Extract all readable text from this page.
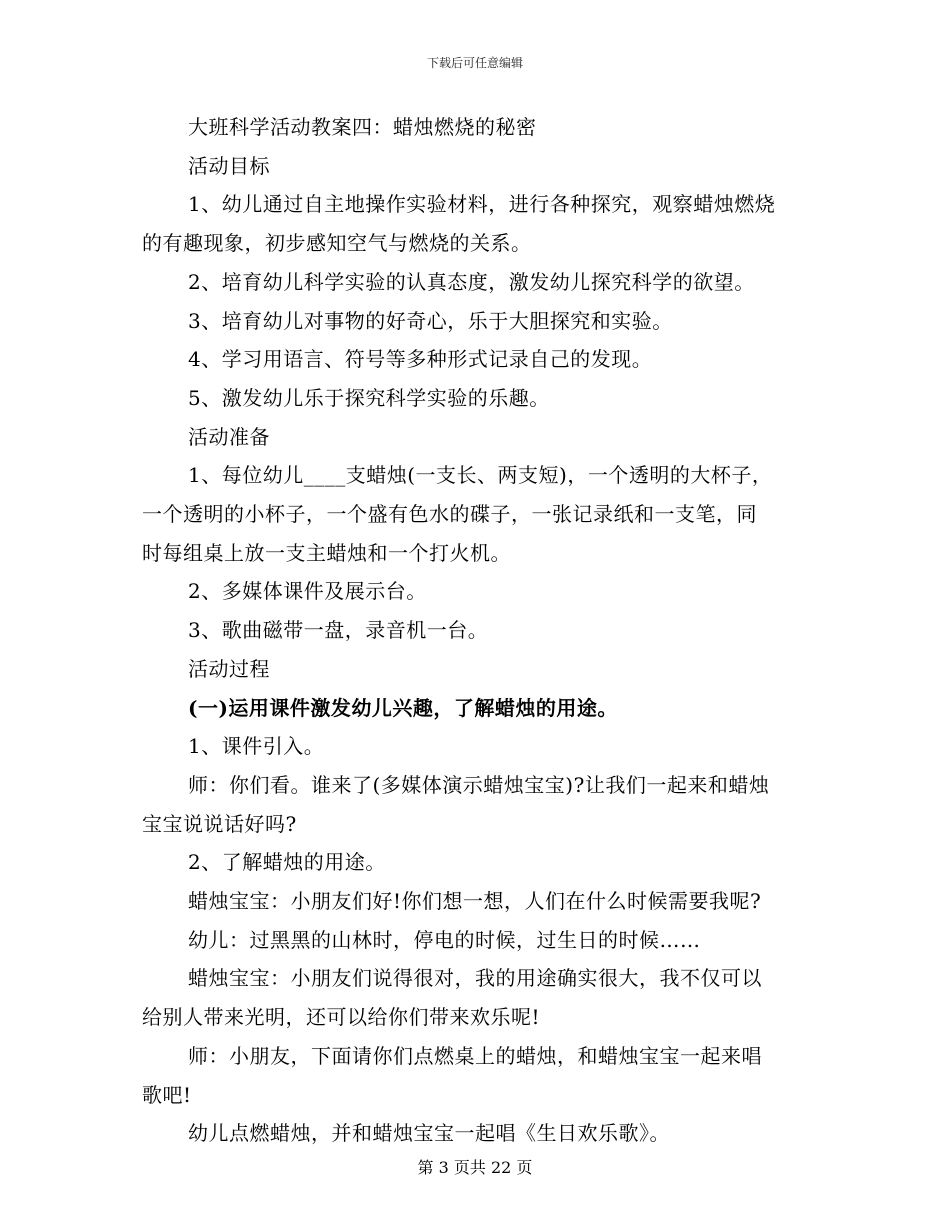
下载后可任意编辑
大班科学活动教案四：蜡烛燃烧的秘密
活动目标
1、幼儿通过自主地操作实验材料，进行各种探究，观察蜡烛燃烧
的有趣现象，初步感知空气与燃烧的关系。
2、培育幼儿科学实验的认真态度，激发幼儿探究科学的欲望。
3、培育幼儿对事物的好奇心，乐于大胆探究和实验。
4、学习用语言、符号等多种形式记录自己的发现。
5、激发幼儿乐于探究科学实验的乐趣。
活动准备
1、每位幼儿____支蜡烛(一支长、两支短)，一个透明的大杯子，
一个透明的小杯子，一个盛有色水的碟子，一张记录纸和一支笔，同
时每组桌上放一支主蜡烛和一个打火机。
2、多媒体课件及展示台。
3、歌曲磁带一盘，录音机一台。
活动过程
(一)运用课件激发幼儿兴趣，了解蜡烛的用途。
1、课件引入。
师：你们看。谁来了(多媒体演示蜡烛宝宝)?让我们一起来和蜡烛
宝宝说说话好吗?
2、了解蜡烛的用途。
蜡烛宝宝：小朋友们好!你们想一想，人们在什么时候需要我呢?
幼儿：过黑黑的山林时，停电的时候，过生日的时候……
蜡烛宝宝：小朋友们说得很对，我的用途确实很大，我不仅可以
给别人带来光明，还可以给你们带来欢乐呢!
师：小朋友，下面请你们点燃桌上的蜡烛，和蜡烛宝宝一起来唱
歌吧!
幼儿点燃蜡烛，并和蜡烛宝宝一起唱《生日欢乐歌》。
第 3 页共 22 页
